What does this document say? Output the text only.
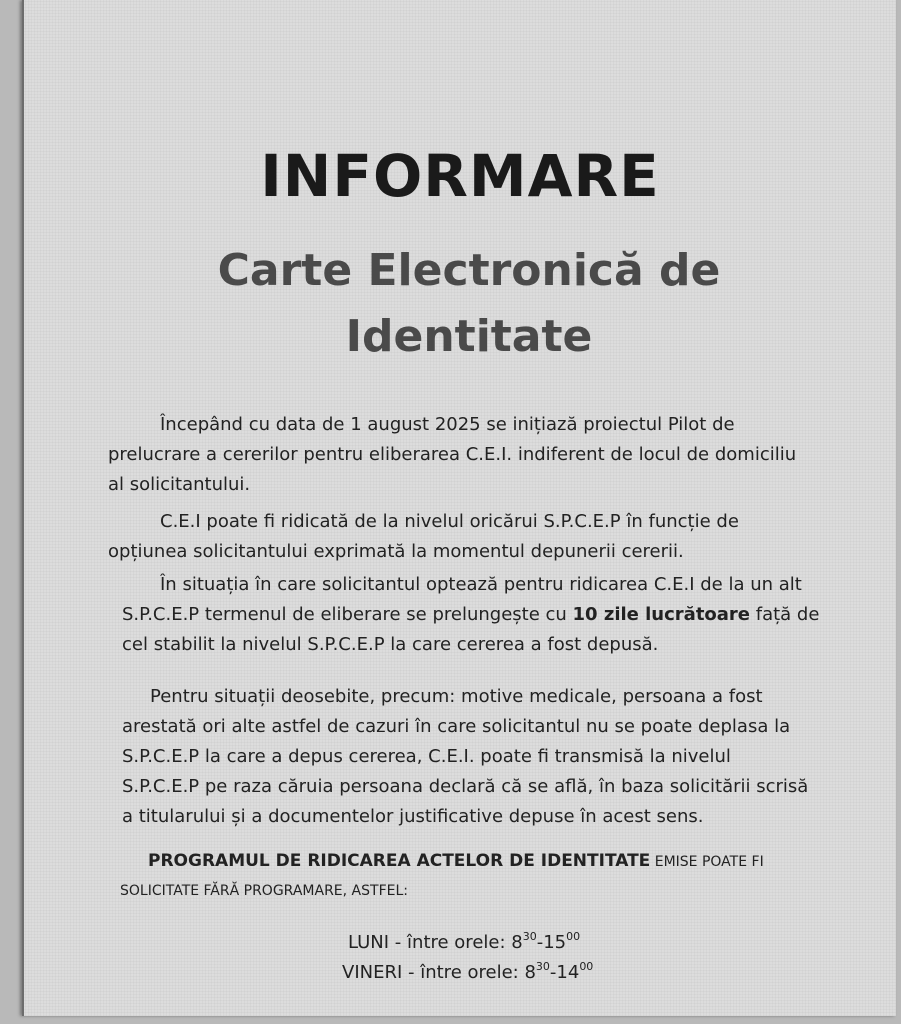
INFORMARE
Carte Electronică de
Identitate
Începând cu data de 1 august 2025 se inițiază proiectul Pilot de prelucrare a cererilor pentru eliberarea C.E.I. indiferent de locul de domiciliu al solicitantului.
C.E.I poate fi ridicată de la nivelul oricărui S.P.C.E.P în funcție de opțiunea solicitantului exprimată la momentul depunerii cererii.
În situația în care solicitantul optează pentru ridicarea C.E.I de la un alt S.P.C.E.P termenul de eliberare se prelungește cu 10 zile lucrătoare față de cel stabilit la nivelul S.P.C.E.P la care cererea a fost depusă.
Pentru situații deosebite, precum: motive medicale, persoana a fost arestată ori alte astfel de cazuri în care solicitantul nu se poate deplasa la S.P.C.E.P la care a depus cererea, C.E.I. poate fi transmisă la nivelul S.P.C.E.P pe raza căruia persoana declară că se află, în baza solicitării scrisă a titularului și a documentelor justificative depuse în acest sens.
PROGRAMUL DE RIDICAREA ACTELOR DE IDENTITATE EMISE POATE FI SOLICITATE FĂRĂ PROGRAMARE, ASTFEL:
LUNI - între orele: $8^{30}-15^{00}$
VINERI - între orele: $8^{30}-14^{00}$
